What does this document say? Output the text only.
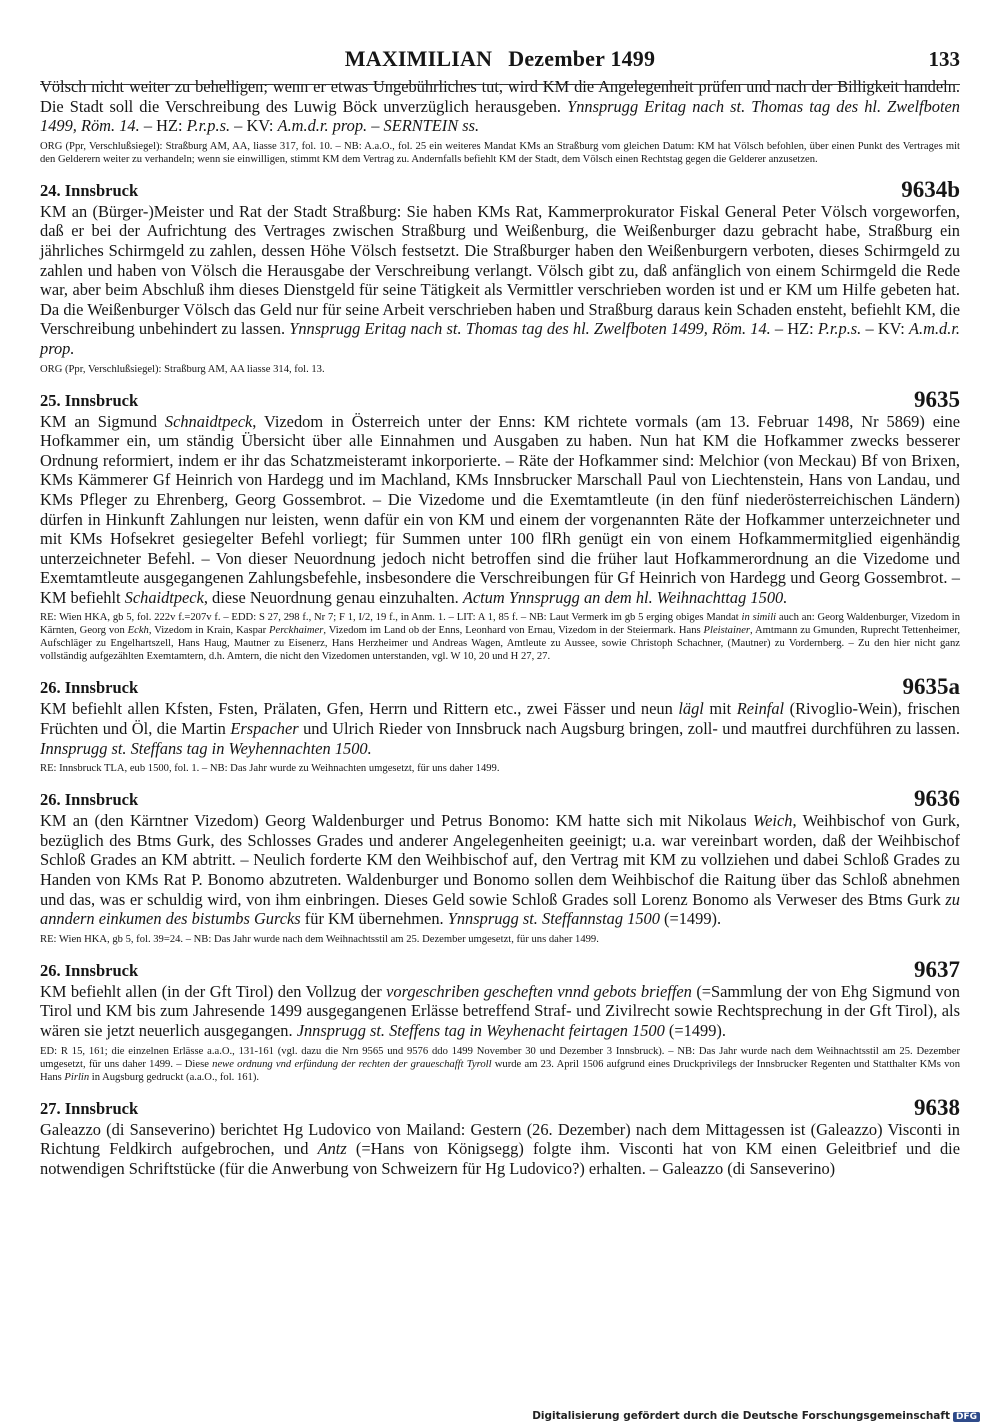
MAXIMILIAN Dezember 1499	133

Völsch nicht weiter zu behelligen; wenn er etwas Ungebührliches tut, wird KM die Angelegenheit prüfen und nach der Billigkeit handeln. Die Stadt soll die Verschreibung des Luwig Böck unverzüglich herausgeben. Ynnsprugg Eritag nach st. Thomas tag des hl. Zwelfboten 1499, Röm. 14. – HZ: P.r.p.s. – KV: A.m.d.r. prop. – SERNTEIN ss.

ORG (Ppr, Verschlußsiegel): Straßburg AM, AA, liasse 317, fol. 10. – NB: A.a.O., fol. 25 ein weiteres Mandat KMs an Straßburg vom gleichen Datum: KM hat Völsch befohlen, über einen Punkt des Vertrages mit den Gelderern weiter zu verhandeln; wenn sie einwilligen, stimmt KM dem Vertrag zu. Andernfalls befiehlt KM der Stadt, dem Völsch einen Rechtstag gegen die Gelderer anzusetzen.

24. Innsbruck	9634b

KM an (Bürger-)Meister und Rat der Stadt Straßburg: Sie haben KMs Rat, Kammerprokurator Fiskal General Peter Völsch vorgeworfen, daß er bei der Aufrichtung des Vertrages zwischen Straßburg und Weißenburg, die Weißenburger dazu gebracht habe, Straßburg ein jährliches Schirmgeld zu zahlen, dessen Höhe Völsch festsetzt. Die Straßburger haben den Weißenburgern verboten, dieses Schirmgeld zu zahlen und haben von Völsch die Herausgabe der Verschreibung verlangt. Völsch gibt zu, daß anfänglich von einem Schirmgeld die Rede war, aber beim Abschluß ihm dieses Dienstgeld für seine Tätigkeit als Vermittler verschrieben worden ist und er KM um Hilfe gebeten hat. Da die Weißenburger Völsch das Geld nur für seine Arbeit verschrieben haben und Straßburg daraus kein Schaden ensteht, befiehlt KM, die Verschreibung unbehindert zu lassen. Ynnsprugg Eritag nach st. Thomas tag des hl. Zwelfboten 1499, Röm. 14. – HZ: P.r.p.s. – KV: A.m.d.r. prop.

ORG (Ppr, Verschlußsiegel): Straßburg AM, AA liasse 314, fol. 13.

25. Innsbruck	9635

KM an Sigmund Schnaidtpeck, Vizedom in Österreich unter der Enns: KM richtete vormals (am 13. Februar 1498, Nr 5869) eine Hofkammer ein, um ständig Übersicht über alle Einnahmen und Ausgaben zu haben. Nun hat KM die Hofkammer zwecks besserer Ordnung reformiert, indem er ihr das Schatzmeisteramt inkorporierte. – Räte der Hofkammer sind: Melchior (von Meckau) Bf von Brixen, KMs Kämmerer Gf Heinrich von Hardegg und im Machland, KMs Innsbrucker Marschall Paul von Liechtenstein, Hans von Landau, und KMs Pfleger zu Ehrenberg, Georg Gossembrot. – Die Vizedome und die Exemtamtleute (in den fünf niederösterreichischen Ländern) dürfen in Hinkunft Zahlungen nur leisten, wenn dafür ein von KM und einem der vorgenannten Räte der Hofkammer unterzeichneter und mit KMs Hofsekret gesiegelter Befehl vorliegt; für Summen unter 100 flRh genügt ein von einem Hofkammermitglied eigenhändig unterzeichneter Befehl. – Von dieser Neuordnung jedoch nicht betroffen sind die früher laut Hofkammerordnung an die Vizedome und Exemtamtleute ausgegangenen Zahlungsbefehle, insbesondere die Verschreibungen für Gf Heinrich von Hardegg und Georg Gossembrot. – KM befiehlt Schaidtpeck, diese Neuordnung genau einzuhalten. Actum Ynnsprugg an dem hl. Weihnachttag 1500.

RE: Wien HKA, gb 5, fol. 222v f.=207v f. – EDD: S 27, 298 f., Nr 7; F 1, I/2, 19 f., in Anm. 1. – LIT: A 1, 85 f. – NB: Laut Vermerk im gb 5 erging obiges Mandat in simili auch an: Georg Waldenburger, Vizedom in Kärnten, Georg von Eckh, Vizedom in Krain, Kaspar Perckhaimer, Vizedom im Land ob der Enns, Leonhard von Ernau, Vizedom in der Steiermark. Hans Pleistainer, Amtmann zu Gmunden, Ruprecht Tettenheimer, Aufschläger zu Engelhartszell, Hans Haug, Mautner zu Eisenerz, Hans Herzheimer und Andreas Wagen, Amtleute zu Aussee, sowie Christoph Schachner, (Mautner) zu Vordernberg. – Zu den hier nicht ganz vollständig aufgezählten Exemtamtern, d.h. Amtern, die nicht den Vizedomen unterstanden, vgl. W 10, 20 und H 27, 27.

26. Innsbruck	9635a

KM befiehlt allen Kfsten, Fsten, Prälaten, Gfen, Herrn und Rittern etc., zwei Fässer und neun lägl mit Reinfal (Rivoglio-Wein), frischen Früchten und Öl, die Martin Erspacher und Ulrich Rieder von Innsbruck nach Augsburg bringen, zoll- und mautfrei durchführen zu lassen. Innsprugg st. Steffans tag in Weyhennachten 1500.

RE: Innsbruck TLA, eub 1500, fol. 1. – NB: Das Jahr wurde zu Weihnachten umgesetzt, für uns daher 1499.

26. Innsbruck	9636

KM an (den Kärntner Vizedom) Georg Waldenburger und Petrus Bonomo: KM hatte sich mit Nikolaus Weich, Weihbischof von Gurk, bezüglich des Btms Gurk, des Schlosses Grades und anderer Angelegenheiten geeinigt; u.a. war vereinbart worden, daß der Weihbischof Schloß Grades an KM abtritt. – Neulich forderte KM den Weihbischof auf, den Vertrag mit KM zu vollziehen und dabei Schloß Grades zu Handen von KMs Rat P. Bonomo abzutreten. Waldenburger und Bonomo sollen dem Weihbischof die Raitung über das Schloß abnehmen und das, was er schuldig wird, von ihm einbringen. Dieses Geld sowie Schloß Grades soll Lorenz Bonomo als Verweser des Btms Gurk zu anndern einkumen des bistumbs Gurcks für KM übernehmen. Ynnsprugg st. Steffannstag 1500 (=1499).

RE: Wien HKA, gb 5, fol. 39=24. – NB: Das Jahr wurde nach dem Weihnachtsstil am 25. Dezember umgesetzt, für uns daher 1499.

26. Innsbruck	9637

KM befiehlt allen (in der Gft Tirol) den Vollzug der vorgeschriben gescheften vnnd gebots brieffen (=Sammlung der von Ehg Sigmund von Tirol und KM bis zum Jahresende 1499 ausgegangenen Erlässe betreffend Straf- und Zivilrecht sowie Rechtsprechung in der Gft Tirol), als wären sie jetzt neuerlich ausgegangen. Jnnsprugg st. Steffens tag in Weyhenacht feirtagen 1500 (=1499).

ED: R 15, 161; die einzelnen Erlässe a.a.O., 131-161 (vgl. dazu die Nrn 9565 und 9576 ddo 1499 November 30 und Dezember 3 Innsbruck). – NB: Das Jahr wurde nach dem Weihnachtsstil am 25. Dezember umgesetzt, für uns daher 1499. – Diese newe ordnung vnd erfündung der rechten der graueschafft Tyroll wurde am 23. April 1506 aufgrund eines Druckprivilegs der Innsbrucker Regenten und Statthalter KMs von Hans Pirlin in Augsburg gedruckt (a.a.O., fol. 161).

27. Innsbruck	9638

Galeazzo (di Sanseverino) berichtet Hg Ludovico von Mailand: Gestern (26. Dezember) nach dem Mittagessen ist (Galeazzo) Visconti in Richtung Feldkirch aufgebrochen, und Antz (=Hans von Königsegg) folgte ihm. Visconti hat von KM einen Geleitbrief und die notwendigen Schriftstücke (für die Anwerbung von Schweizern für Hg Ludovico?) erhalten. – Galeazzo (di Sanseverino)

Digitalisierung gefördert durch die Deutsche Forschungsgemeinschaft DFG
